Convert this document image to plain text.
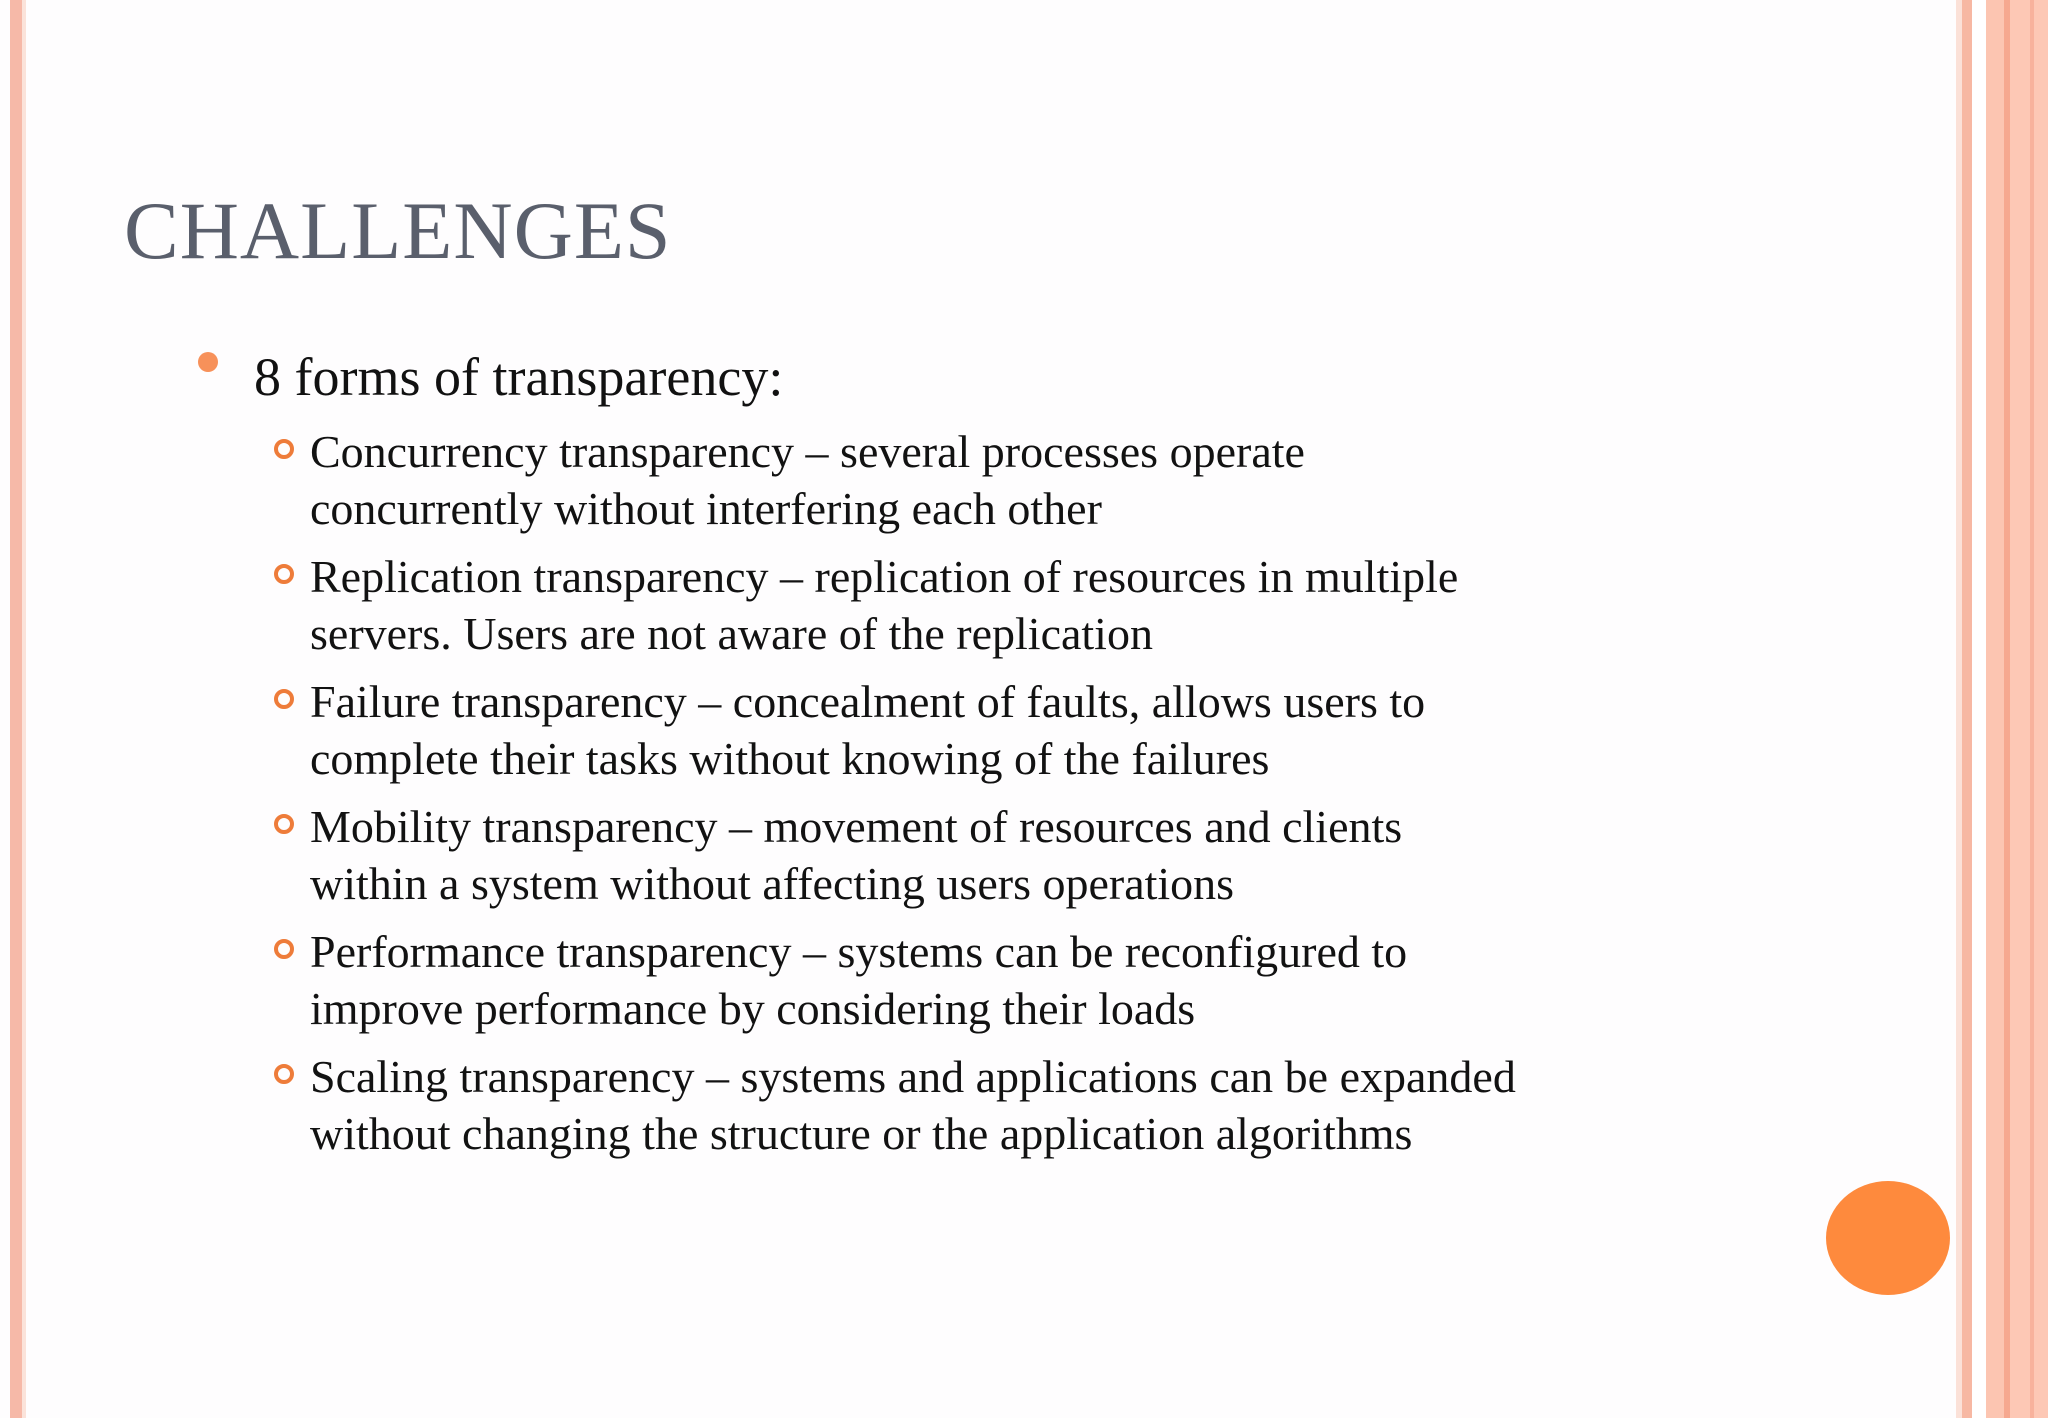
CHALLENGES
8 forms of transparency:
Concurrency transparency – several processes operate
concurrently without interfering each other
Replication transparency – replication of resources in multiple
servers. Users are not aware of the replication
Failure transparency – concealment of faults, allows users to
complete their tasks without knowing of the failures
Mobility transparency – movement of resources and clients
within a system without affecting users operations
Performance transparency – systems can be reconfigured to
improve performance by considering their loads
Scaling transparency – systems and applications can be expanded
without changing the structure or the application algorithms
